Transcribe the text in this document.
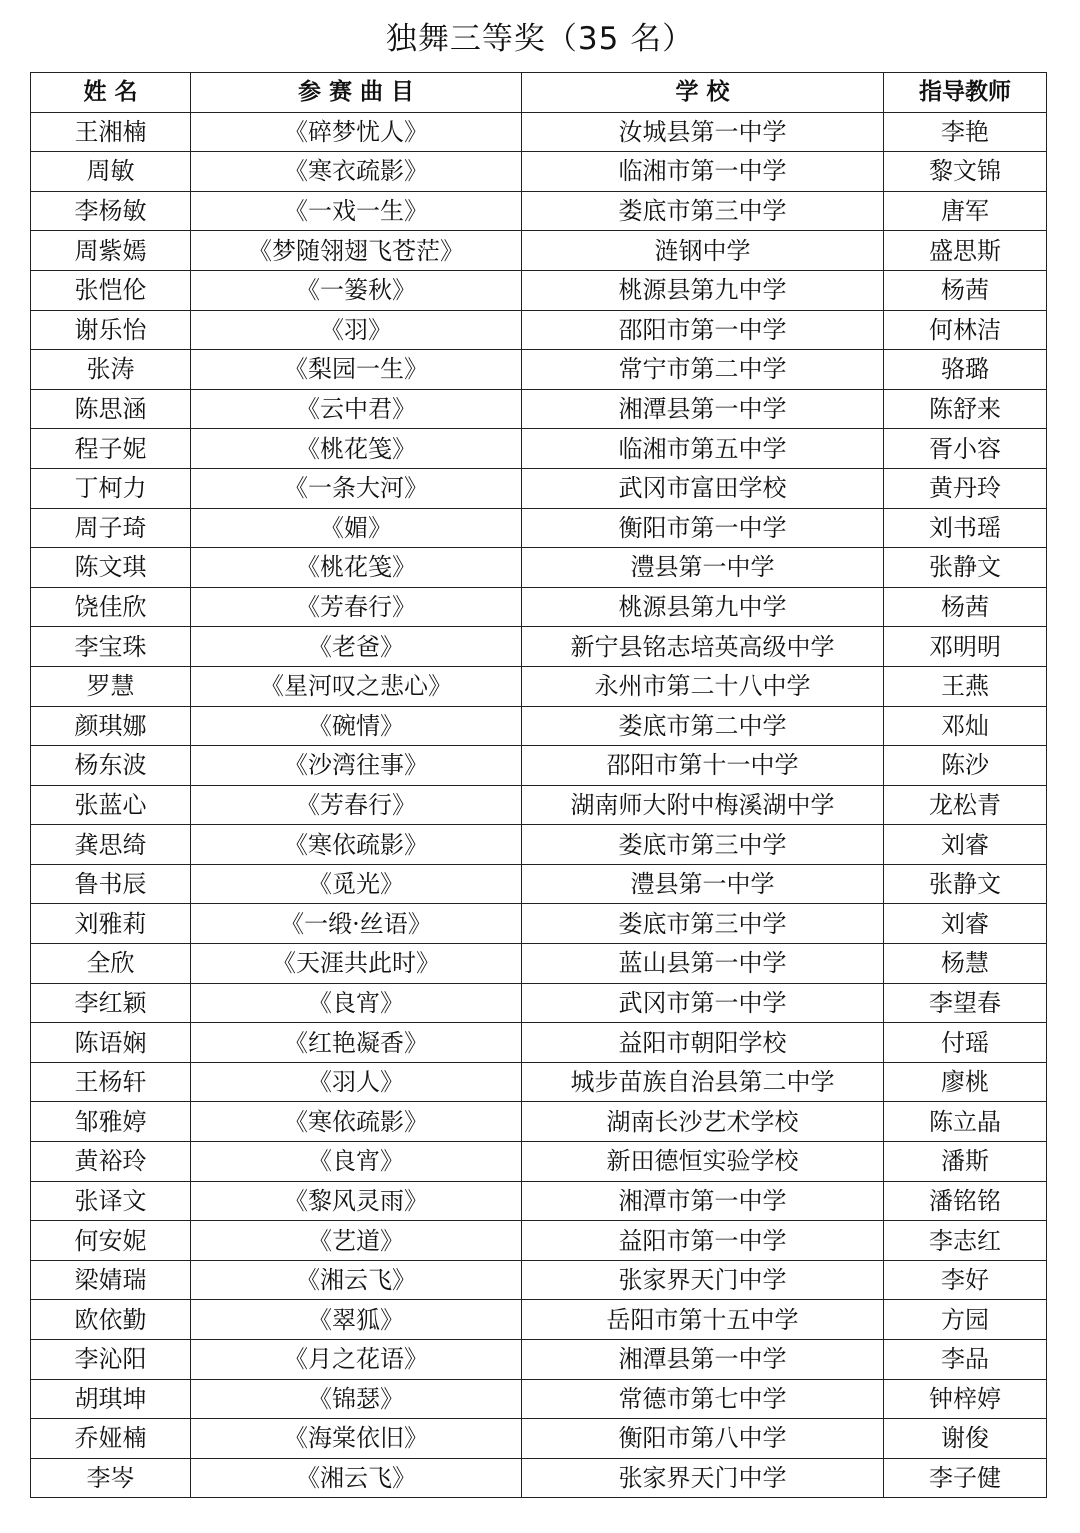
独舞三等奖（35 名）
姓 名	参 赛 曲 目	学 校	指导教师
王湘楠	《碎梦忧人》	汝城县第一中学	李艳
周敏	《寒衣疏影》	临湘市第一中学	黎文锦
李杨敏	《一戏一生》	娄底市第三中学	唐军
周紫嫣	《梦随翎翅飞苍茫》	涟钢中学	盛思斯
张恺伦	《一篓秋》	桃源县第九中学	杨茜
谢乐怡	《羽》	邵阳市第一中学	何林洁
张涛	《梨园一生》	常宁市第二中学	骆璐
陈思涵	《云中君》	湘潭县第一中学	陈舒来
程子妮	《桃花笺》	临湘市第五中学	胥小容
丁柯力	《一条大河》	武冈市富田学校	黄丹玲
周子琦	《媚》	衡阳市第一中学	刘书瑶
陈文琪	《桃花笺》	澧县第一中学	张静文
饶佳欣	《芳春行》	桃源县第九中学	杨茜
李宝珠	《老爸》	新宁县铭志培英高级中学	邓明明
罗慧	《星河叹之悲心》	永州市第二十八中学	王燕
颜琪娜	《碗情》	娄底市第二中学	邓灿
杨东波	《沙湾往事》	邵阳市第十一中学	陈沙
张蓝心	《芳春行》	湖南师大附中梅溪湖中学	龙松青
龚思绮	《寒依疏影》	娄底市第三中学	刘睿
鲁书辰	《觅光》	澧县第一中学	张静文
刘雅莉	《一缎·丝语》	娄底市第三中学	刘睿
全欣	《天涯共此时》	蓝山县第一中学	杨慧
李红颖	《良宵》	武冈市第一中学	李望春
陈语娴	《红艳凝香》	益阳市朝阳学校	付瑶
王杨轩	《羽人》	城步苗族自治县第二中学	廖桃
邹雅婷	《寒依疏影》	湖南长沙艺术学校	陈立晶
黄裕玲	《良宵》	新田德恒实验学校	潘斯
张译文	《黎风灵雨》	湘潭市第一中学	潘铭铭
何安妮	《艺道》	益阳市第一中学	李志红
梁婧瑞	《湘云飞》	张家界天门中学	李好
欧依勤	《翠狐》	岳阳市第十五中学	方园
李沁阳	《月之花语》	湘潭县第一中学	李品
胡琪坤	《锦瑟》	常德市第七中学	钟梓婷
乔娅楠	《海棠依旧》	衡阳市第八中学	谢俊
李岑	《湘云飞》	张家界天门中学	李子健
